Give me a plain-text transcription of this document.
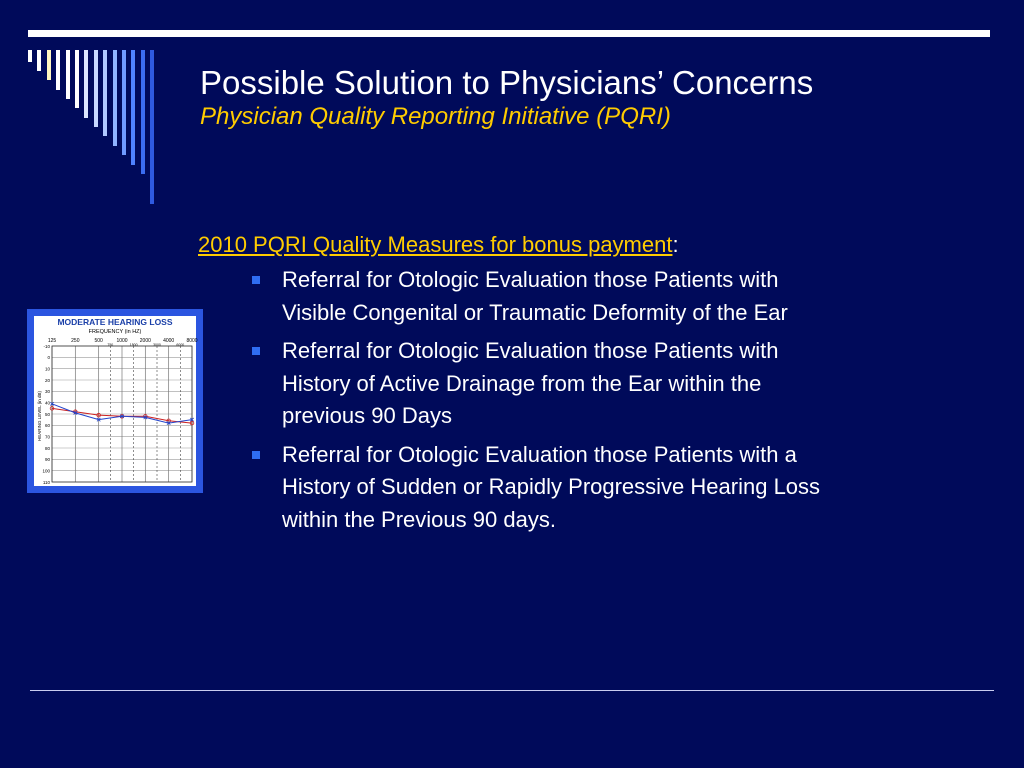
Possible Solution to Physicians’ Concerns
Physician Quality Reporting Initiative (PQRI)
MODERATE HEARING LOSS
FREQUENCY (in HZ)
HEARING LEVEL (in dB)
-10
0
10
20
30
40
50
60
70
80
90
100
110
125	250	500	1000 2000 4000 8000
750	1500	3000	6000
2010 PQRI Quality Measures for bonus payment:
Referral for Otologic Evaluation those Patients with Visible Congenital or Traumatic Deformity of the Ear
Referral for Otologic Evaluation those Patients with History of Active Drainage from the Ear within the previous 90 Days
Referral for Otologic Evaluation those Patients with a History of Sudden or Rapidly Progressive Hearing Loss within the Previous 90 days.
